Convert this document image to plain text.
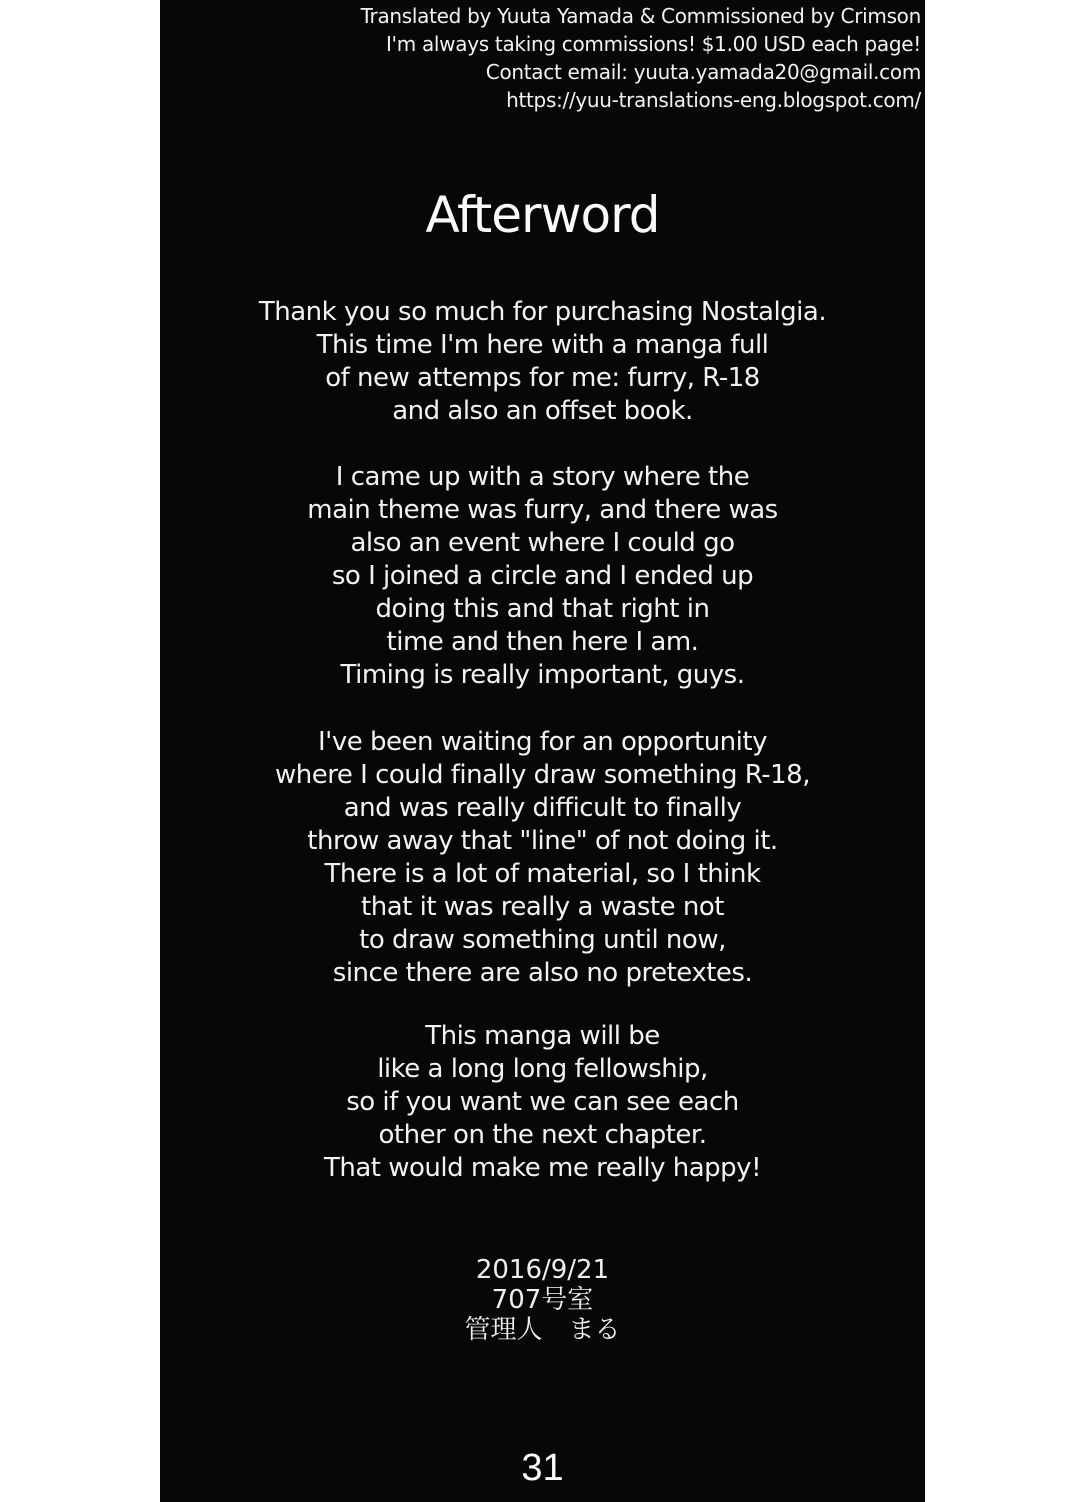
Translated by Yuuta Yamada & Commissioned by Crimson
I'm always taking commissions! $1.00 USD each page!
Contact email: yuuta.yamada20@gmail.com
https://yuu-translations-eng.blogspot.com/
Afterword
Thank you so much for purchasing Nostalgia.
This time I'm here with a manga full
of new attemps for me: furry, R-18
and also an offset book.
I came up with a story where the
main theme was furry, and there was
also an event where I could go
so I joined a circle and I ended up
doing this and that right in
time and then here I am.
Timing is really important, guys.
I've been waiting for an opportunity
where I could finally draw something R-18,
and was really difficult to finally
throw away that "line" of not doing it.
There is a lot of material, so I think
that it was really a waste not
to draw something until now,
since there are also no pretextes.
This manga will be
like a long long fellowship,
so if you want we can see each
other on the next chapter.
That would make me really happy!
2016/9/21
707号室
管理人　まる
31
